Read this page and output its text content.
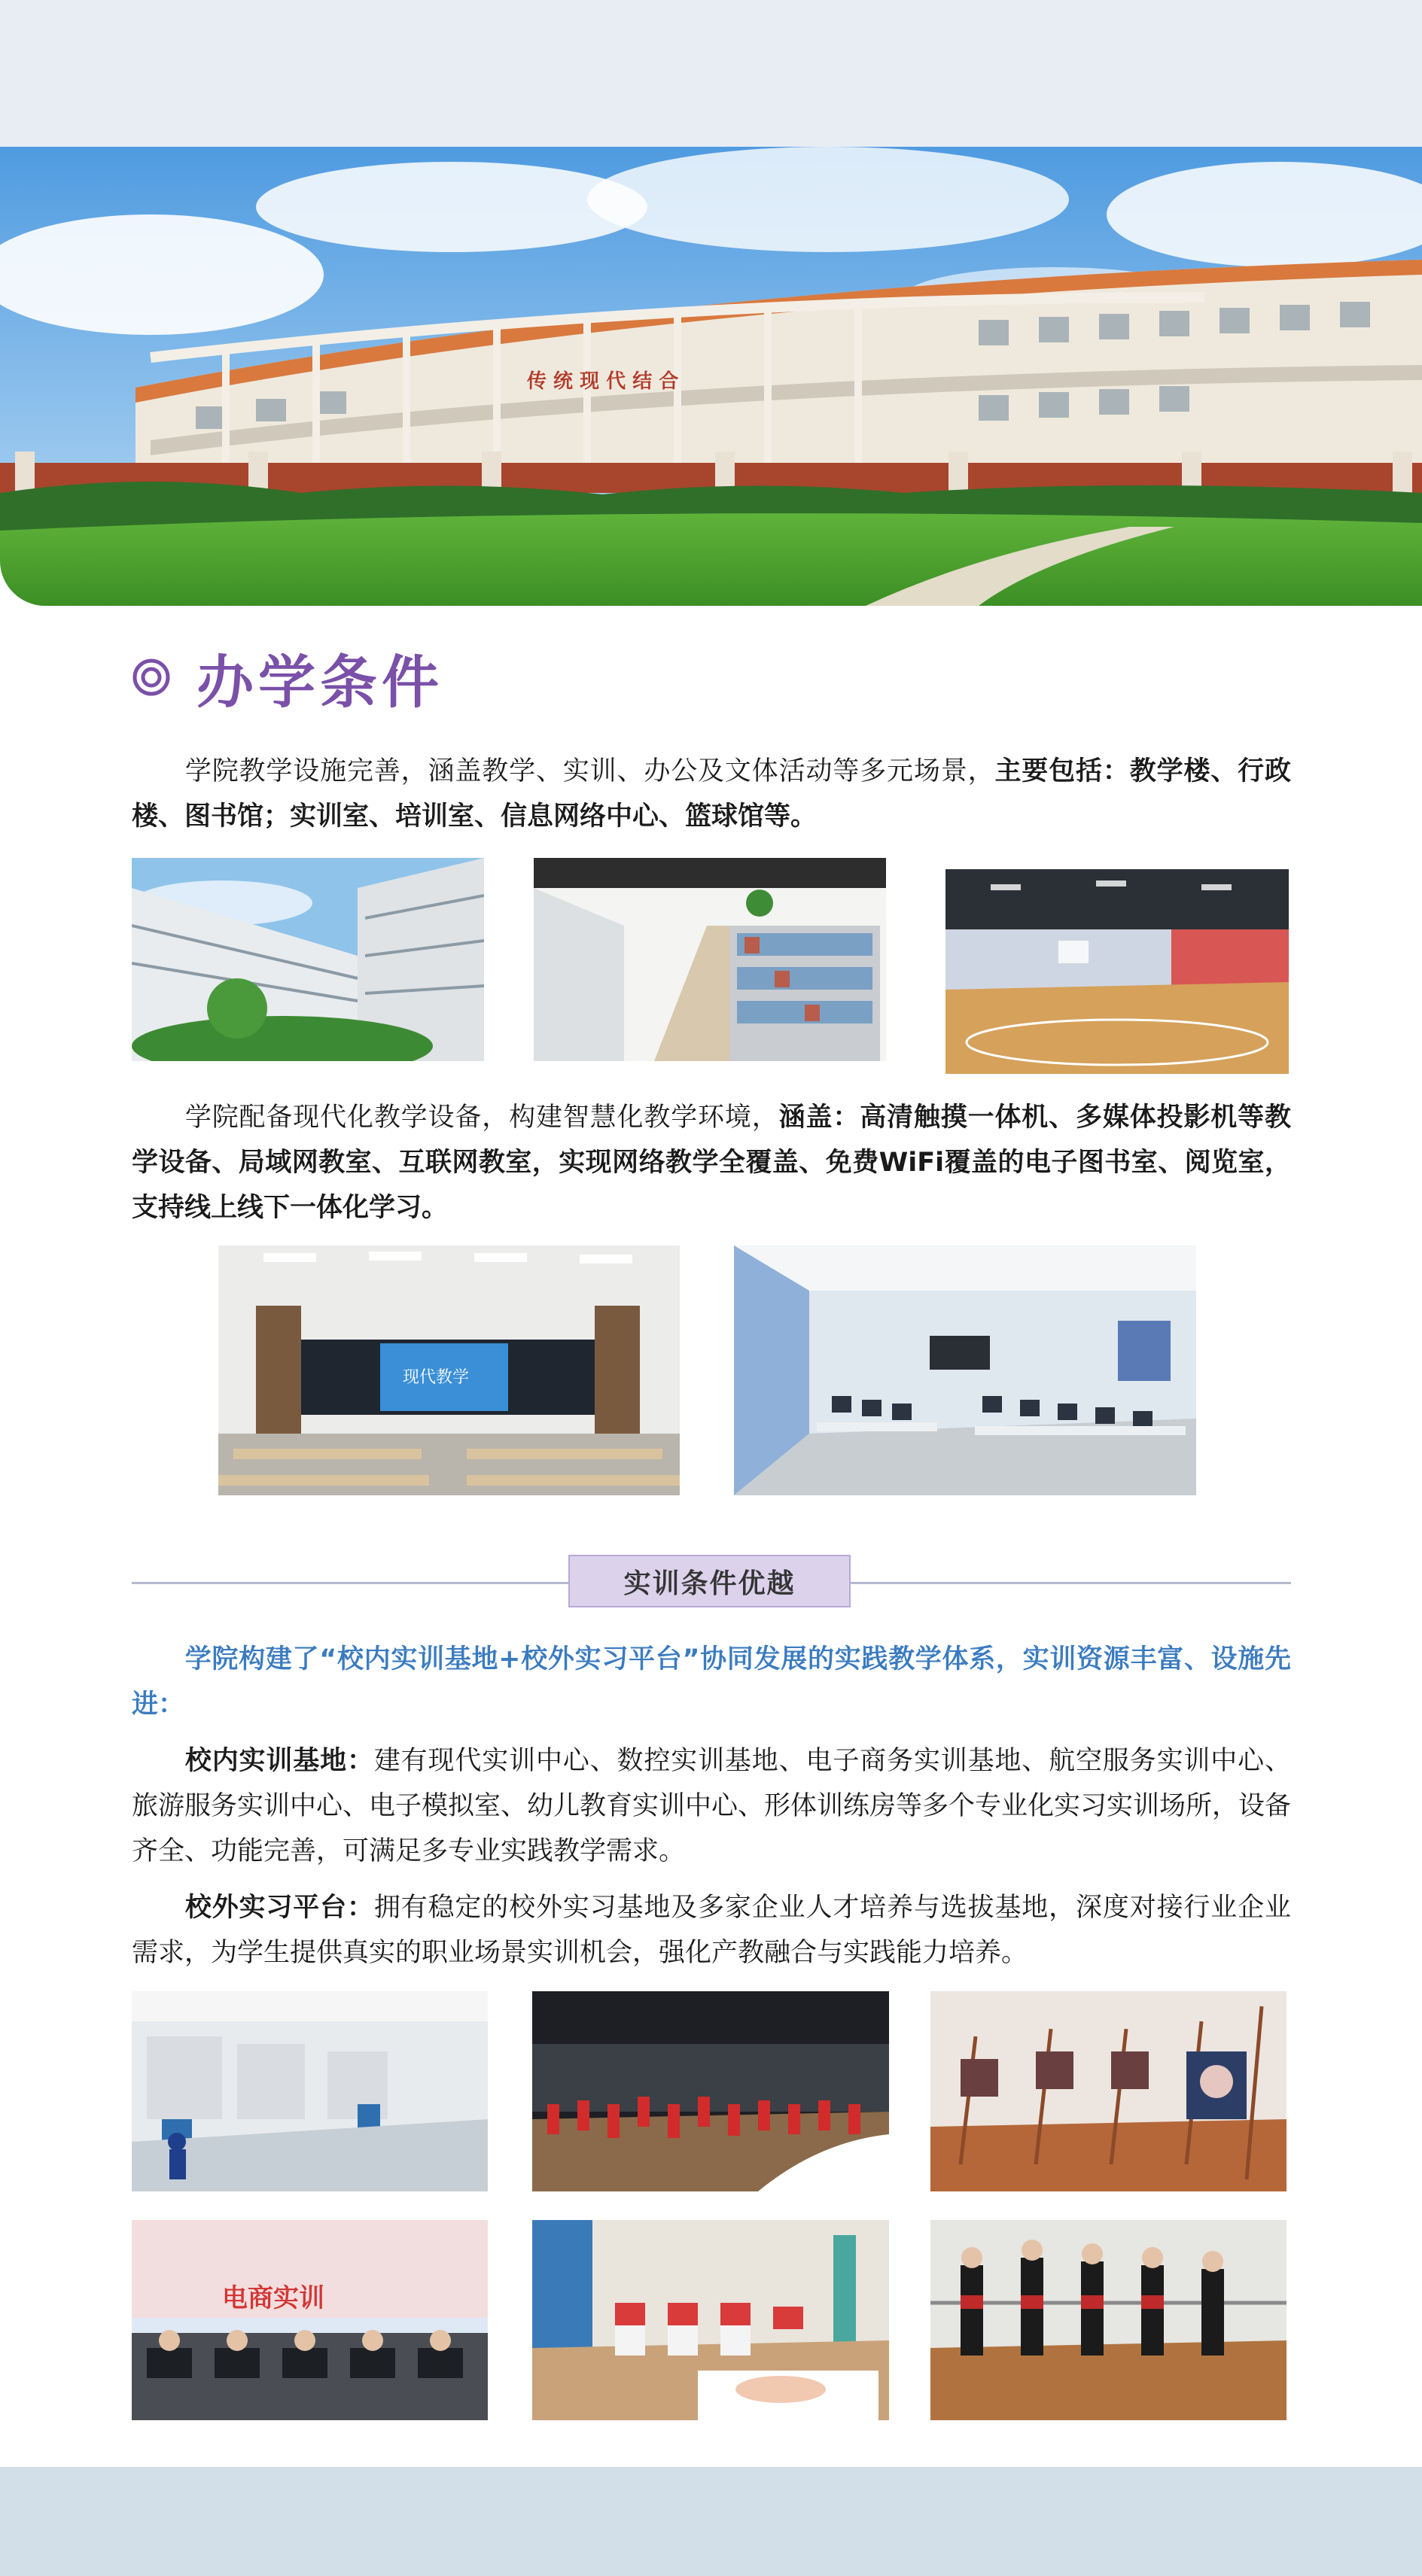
传 统 现 代 结 合
办学条件
学院教学设施完善，涵盖教学、实训、办公及文体活动等多元场景，主要包括：教学楼、行政楼、图书馆；实训室、培训室、信息网络中心、篮球馆等。
学院配备现代化教学设备，构建智慧化教学环境，涵盖：高清触摸一体机、多媒体投影机等教学设备、局域网教室、互联网教室，实现网络教学全覆盖、免费WiFi覆盖的电子图书室、阅览室，支持线上线下一体化学习。
现代教学
实训条件优越
学院构建了“校内实训基地+校外实习平台”协同发展的实践教学体系，实训资源丰富、设施先进：
校内实训基地：建有现代实训中心、数控实训基地、电子商务实训基地、航空服务实训中心、旅游服务实训中心、电子模拟室、幼儿教育实训中心、形体训练房等多个专业化实习实训场所，设备齐全、功能完善，可满足多专业实践教学需求。
校外实习平台：拥有稳定的校外实习基地及多家企业人才培养与选拔基地，深度对接行业企业需求，为学生提供真实的职业场景实训机会，强化产教融合与实践能力培养。
电商实训
